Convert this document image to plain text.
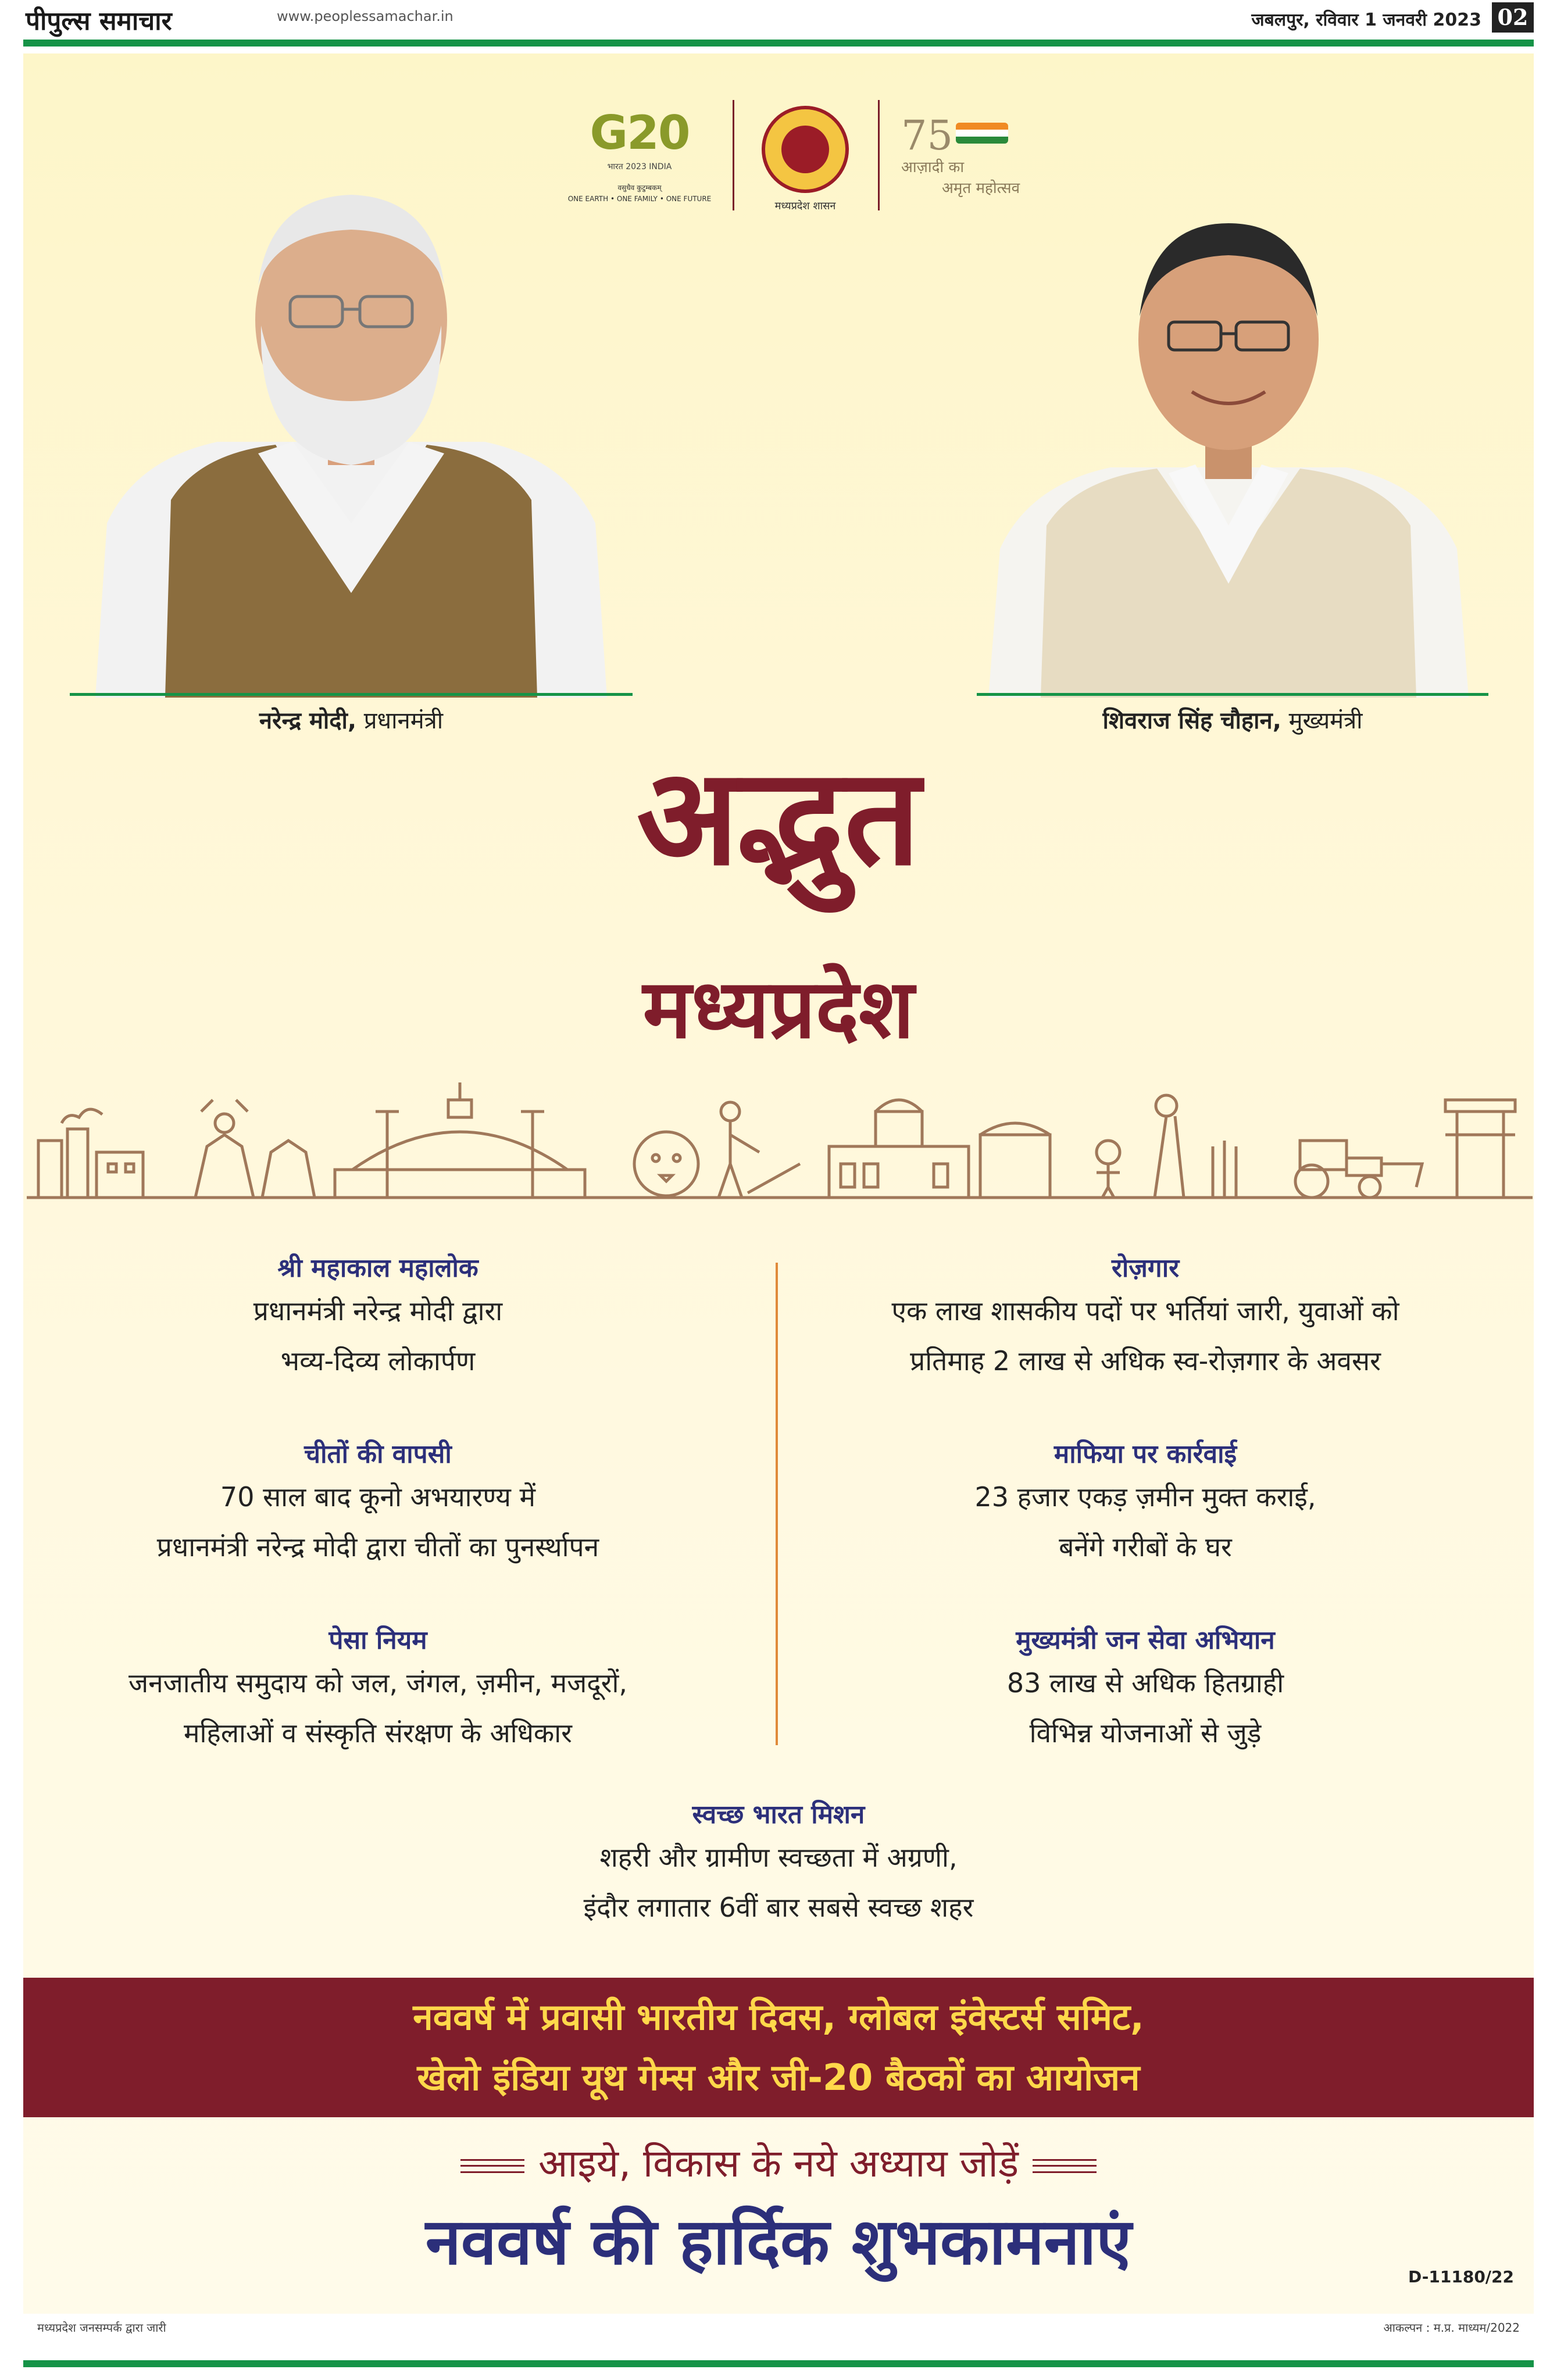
पीपुल्स समाचार	www.peoplessamachar.in	जबलपुर, रविवार 1 जनवरी 2023 02
G20
भारत 2023 INDIA
वसुधैव कुटुम्बकम्
ONE EARTH • ONE FAMILY • ONE FUTURE
मध्यप्रदेश शासन
75
आज़ादी का
अमृत महोत्सव
नरेन्द्र मोदी, प्रधानमंत्री	शिवराज सिंह चौहान, मुख्यमंत्री
अद्भुत
मध्यप्रदेश
श्री महाकाल महालोक
प्रधानमंत्री नरेन्द्र मोदी द्वारा
भव्य-दिव्य लोकार्पण
चीतों की वापसी
70 साल बाद कूनो अभयारण्य में
प्रधानमंत्री नरेन्द्र मोदी द्वारा चीतों का पुनर्स्थापन
पेसा नियम
जनजातीय समुदाय को जल, जंगल, ज़मीन, मजदूरों,
महिलाओं व संस्कृति संरक्षण के अधिकार
रोज़गार
एक लाख शासकीय पदों पर भर्तियां जारी, युवाओं को
प्रतिमाह 2 लाख से अधिक स्व-रोज़गार के अवसर
माफिया पर कार्रवाई
23 हजार एकड़ ज़मीन मुक्त कराई,
बनेंगे गरीबों के घर
मुख्यमंत्री जन सेवा अभियान
83 लाख से अधिक हितग्राही
विभिन्न योजनाओं से जुड़े
स्वच्छ भारत मिशन
शहरी और ग्रामीण स्वच्छता में अग्रणी,
इंदौर लगातार 6वीं बार सबसे स्वच्छ शहर
नववर्ष में प्रवासी भारतीय दिवस, ग्लोबल इंवेस्टर्स समिट,
खेलो इंडिया यूथ गेम्स और जी-20 बैठकों का आयोजन
आइये, विकास के नये अध्याय जोड़ें
नववर्ष की हार्दिक शुभकामनाएं	D-11180/22
मध्यप्रदेश जनसम्पर्क द्वारा जारी	आकल्पन : म.प्र. माध्यम/2022
